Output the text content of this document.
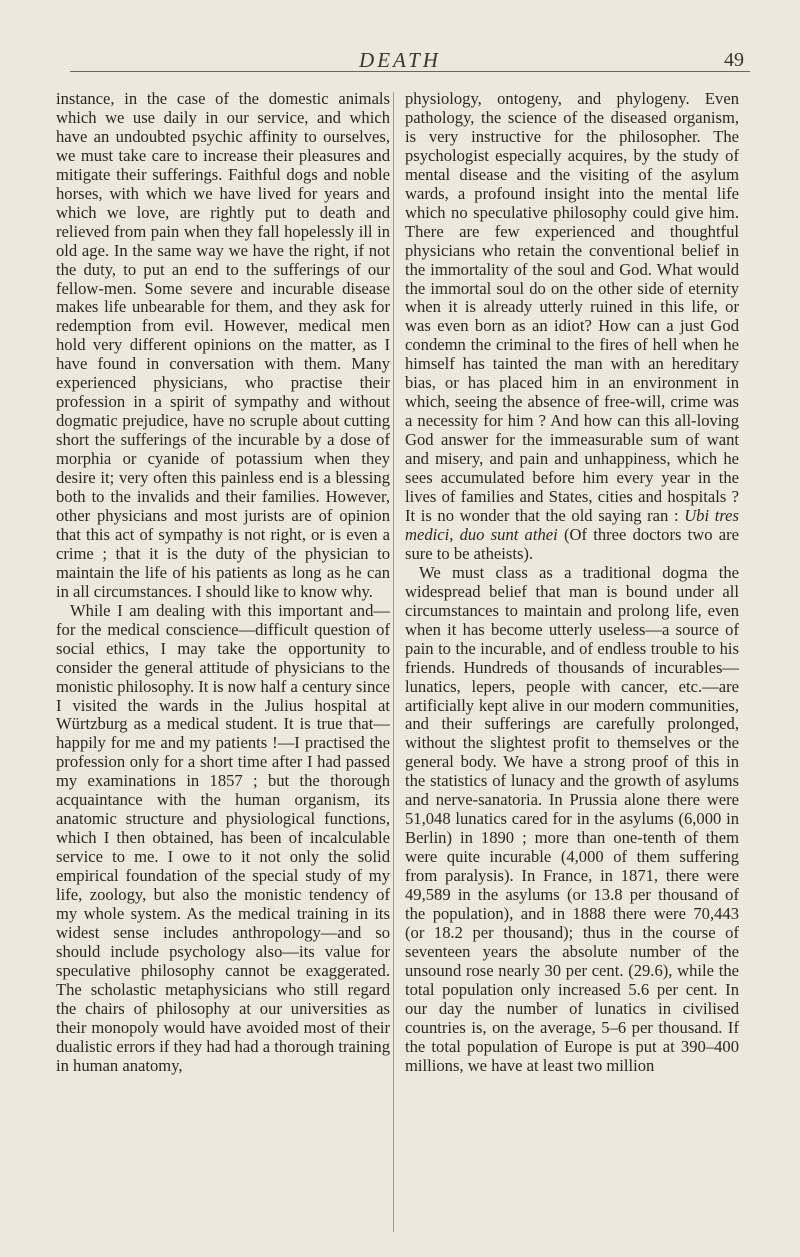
DEATH	49

instance, in the case of the domestic animals which we use daily in our service, and which have an undoubted psychic affinity to ourselves, we must take care to increase their pleasures and mitigate their sufferings. Faithful dogs and noble horses, with which we have lived for years and which we love, are rightly put to death and relieved from pain when they fall hopelessly ill in old age. In the same way we have the right, if not the duty, to put an end to the sufferings of our fellow-men. Some severe and incurable disease makes life unbearable for them, and they ask for redemption from evil. However, medical men hold very different opinions on the matter, as I have found in conversation with them. Many experienced physicians, who practise their profession in a spirit of sympathy and without dogmatic prejudice, have no scruple about cutting short the sufferings of the incurable by a dose of morphia or cyanide of potassium when they desire it; very often this painless end is a blessing both to the invalids and their families. However, other physicians and most jurists are of opinion that this act of sympathy is not right, or is even a crime ; that it is the duty of the physician to maintain the life of his patients as long as he can in all circumstances. I should like to know why.

While I am dealing with this important and—for the medical conscience—difficult question of social ethics, I may take the opportunity to consider the general attitude of physicians to the monistic philosophy. It is now half a century since I visited the wards in the Julius hospital at Würtzburg as a medical student. It is true that—happily for me and my patients !—I practised the profession only for a short time after I had passed my examinations in 1857 ; but the thorough acquaintance with the human organism, its anatomic structure and physiological functions, which I then obtained, has been of incalculable service to me. I owe to it not only the solid empirical foundation of the special study of my life, zoology, but also the monistic tendency of my whole system. As the medical training in its widest sense includes anthropology—and so should include psychology also—its value for speculative philosophy cannot be exaggerated. The scholastic metaphysicians who still regard the chairs of philosophy at our universities as their monopoly would have avoided most of their dualistic errors if they had had a thorough training in human anatomy,

physiology, ontogeny, and phylogeny. Even pathology, the science of the diseased organism, is very instructive for the philosopher. The psychologist especially acquires, by the study of mental disease and the visiting of the asylum wards, a profound insight into the mental life which no speculative philosophy could give him. There are few experienced and thoughtful physicians who retain the conventional belief in the immortality of the soul and God. What would the immortal soul do on the other side of eternity when it is already utterly ruined in this life, or was even born as an idiot? How can a just God condemn the criminal to the fires of hell when he himself has tainted the man with an hereditary bias, or has placed him in an environment in which, seeing the absence of free-will, crime was a necessity for him ? And how can this all-loving God answer for the immeasurable sum of want and misery, and pain and unhappiness, which he sees accumulated before him every year in the lives of families and States, cities and hospitals ? It is no wonder that the old saying ran : Ubi tres medici, duo sunt athei (Of three doctors two are sure to be atheists).

We must class as a traditional dogma the widespread belief that man is bound under all circumstances to maintain and prolong life, even when it has become utterly useless—a source of pain to the incurable, and of endless trouble to his friends. Hundreds of thousands of incurables—lunatics, lepers, people with cancer, etc.—are artificially kept alive in our modern communities, and their sufferings are carefully prolonged, without the slightest profit to themselves or the general body. We have a strong proof of this in the statistics of lunacy and the growth of asylums and nerve-sanatoria. In Prussia alone there were 51,048 lunatics cared for in the asylums (6,000 in Berlin) in 1890 ; more than one-tenth of them were quite incurable (4,000 of them suffering from paralysis). In France, in 1871, there were 49,589 in the asylums (or 13.8 per thousand of the population), and in 1888 there were 70,443 (or 18.2 per thousand); thus in the course of seventeen years the absolute number of the unsound rose nearly 30 per cent. (29.6), while the total population only increased 5.6 per cent. In our day the number of lunatics in civilised countries is, on the average, 5–6 per thousand. If the total population of Europe is put at 390–400 millions, we have at least two million
